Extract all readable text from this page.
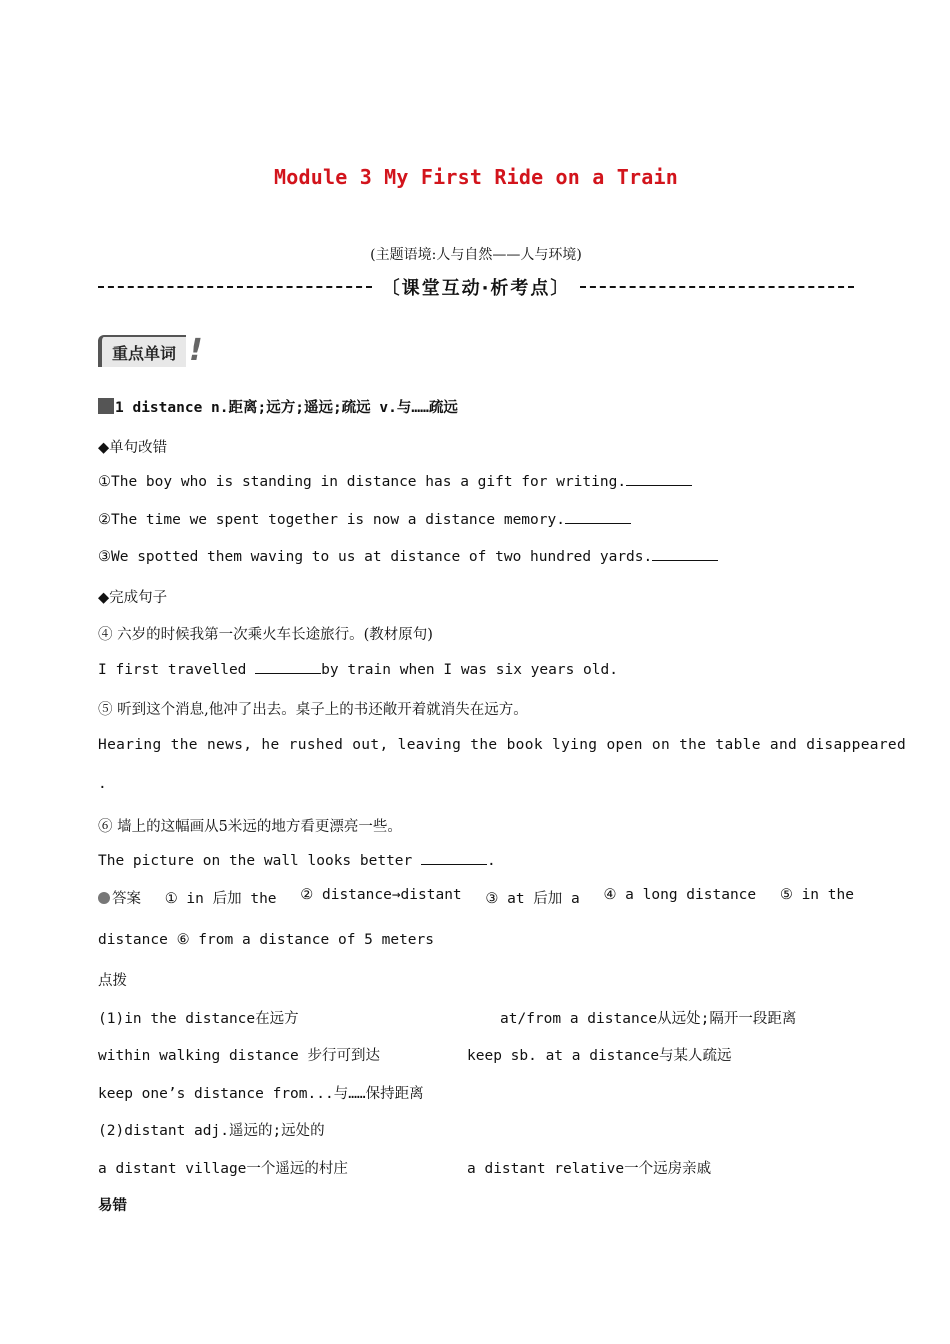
Module 3 My First Ride on a Train
(主题语境:人与自然——人与环境)
〔课堂互动·析考点〕
重点单词 !
1 distance n.距离;远方;遥远;疏远 v.与……疏远
◆单句改错
①The boy who is standing in distance has a gift for writing.
②The time we spent together is now a distance memory.
③We spotted them waving to us at distance of two hundred yards.
◆完成句子
④ 六岁的时候我第一次乘火车长途旅行。(教材原句)
I first travelled	by train when I was six years old.
⑤ 听到这个消息,他冲了出去。桌子上的书还敞开着就消失在远方。
Hearing the news, he rushed out, leaving the book lying open on the table and disappeared
.
⑥ 墙上的这幅画从5米远的地方看更漂亮一些。
The picture on the wall looks better	.
答案 ① in 后加 the ② distance→distant ③ at 后加 a ④ a long distance ⑤ in the
distance ⑥ from a distance of 5 meters
点拨
(1)in the distance在远方	at/from a distance从远处;隔开一段距离
within walking distance 步行可到达	keep sb. at a distance与某人疏远
keep one’s distance from...与……保持距离
(2)distant adj.遥远的;远处的
a distant village一个遥远的村庄	a distant relative一个远房亲戚
易错
